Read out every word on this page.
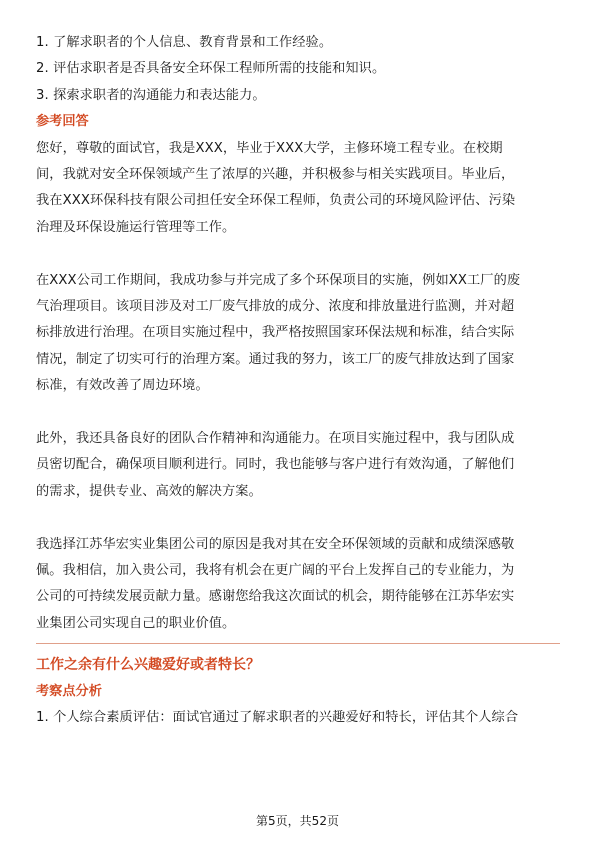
1. 了解求职者的个人信息、教育背景和工作经验。
2. 评估求职者是否具备安全环保工程师所需的技能和知识。
3. 探索求职者的沟通能力和表达能力。
参考回答
您好，尊敬的面试官，我是XXX，毕业于XXX大学，主修环境工程专业。在校期
间，我就对安全环保领域产生了浓厚的兴趣，并积极参与相关实践项目。毕业后，
我在XXX环保科技有限公司担任安全环保工程师，负责公司的环境风险评估、污染
治理及环保设施运行管理等工作。
在XXX公司工作期间，我成功参与并完成了多个环保项目的实施，例如XX工厂的废
气治理项目。该项目涉及对工厂废气排放的成分、浓度和排放量进行监测，并对超
标排放进行治理。在项目实施过程中，我严格按照国家环保法规和标准，结合实际
情况，制定了切实可行的治理方案。通过我的努力，该工厂的废气排放达到了国家
标准，有效改善了周边环境。
此外，我还具备良好的团队合作精神和沟通能力。在项目实施过程中，我与团队成
员密切配合，确保项目顺利进行。同时，我也能够与客户进行有效沟通，了解他们
的需求，提供专业、高效的解决方案。
我选择江苏华宏实业集团公司的原因是我对其在安全环保领域的贡献和成绩深感敬
佩。我相信，加入贵公司，我将有机会在更广阔的平台上发挥自己的专业能力，为
公司的可持续发展贡献力量。感谢您给我这次面试的机会，期待能够在江苏华宏实
业集团公司实现自己的职业价值。
工作之余有什么兴趣爱好或者特长？
考察点分析
1. 个人综合素质评估：面试官通过了解求职者的兴趣爱好和特长，评估其个人综合
第5页，共52页
